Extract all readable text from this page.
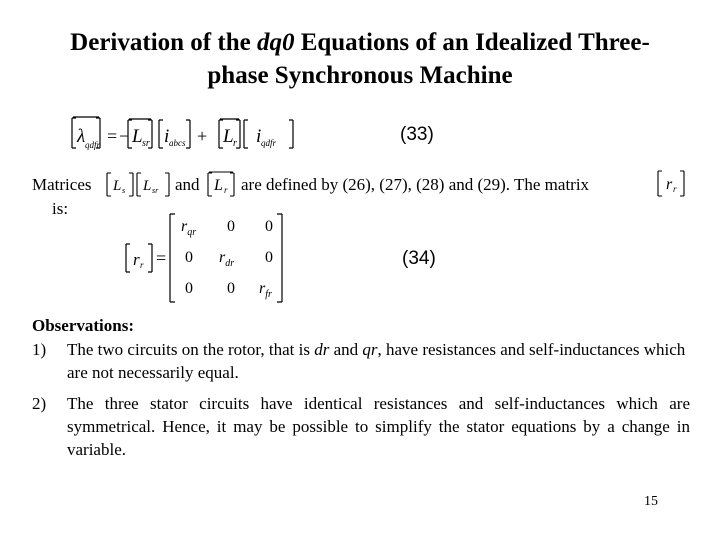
Derivation of the dq0 Equations of an Idealized Three-
phase Synchronous Machine
λ qdfr = − L sr i abcs + L r i qdfr	(33)
Matrices L s L sr and L r are defined by (26), (27), (28) and (29). The matrix	r r
is:
r r =
$r_{qr}$ 0 0
0 $r_{dr}$ 0
0 0 $r_{fr}$
(34)
Observations:
1) The two circuits on the rotor, that is dr and qr, have resistances and self-inductances which are not necessarily equal.
2) The three stator circuits have identical resistances and self-inductances which are symmetrical. Hence, it may be possible to simplify the stator equations by a change in variable.
15
